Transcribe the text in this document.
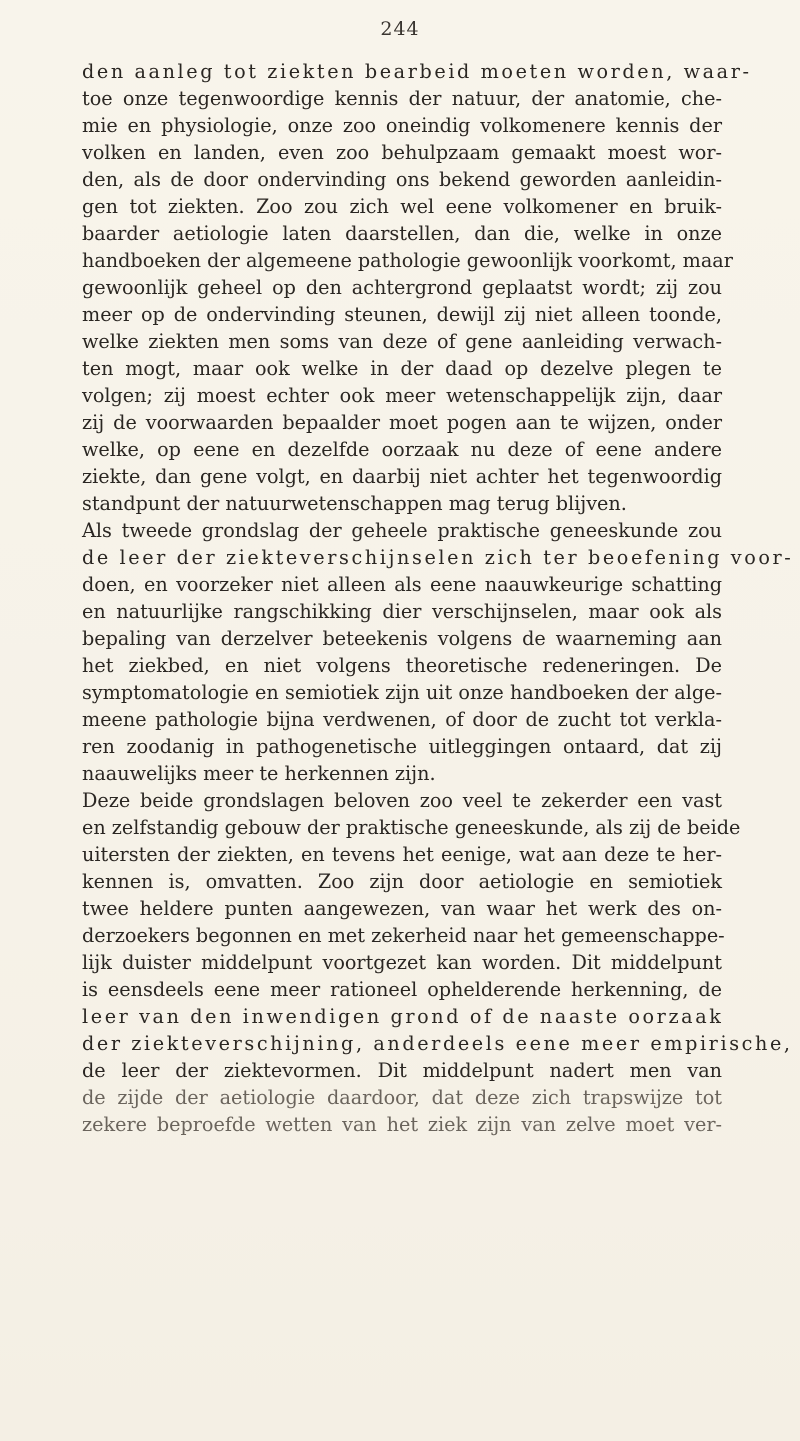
244
den aanleg tot ziekten bearbeid moeten worden, waar-
toe onze tegenwoordige kennis der natuur, der anatomie, che-
mie en physiologie, onze zoo oneindig volkomenere kennis der
volken en landen, even zoo behulpzaam gemaakt moest wor-
den, als de door ondervinding ons bekend geworden aanleidin-
gen tot ziekten. Zoo zou zich wel eene volkomener en bruik-
baarder aetiologie laten daarstellen, dan die, welke in onze
handboeken der algemeene pathologie gewoonlijk voorkomt, maar
gewoonlijk geheel op den achtergrond geplaatst wordt; zij zou
meer op de ondervinding steunen, dewijl zij niet alleen toonde,
welke ziekten men soms van deze of gene aanleiding verwach-
ten mogt, maar ook welke in der daad op dezelve plegen te
volgen; zij moest echter ook meer wetenschappelijk zijn, daar
zij de voorwaarden bepaalder moet pogen aan te wijzen, onder
welke, op eene en dezelfde oorzaak nu deze of eene andere
ziekte, dan gene volgt, en daarbij niet achter het tegenwoordig
standpunt der natuurwetenschappen mag terug blijven.
Als tweede grondslag der geheele praktische geneeskunde zou
de leer der ziekteverschijnselen zich ter beoefening voor-
doen, en voorzeker niet alleen als eene naauwkeurige schatting
en natuurlijke rangschikking dier verschijnselen, maar ook als
bepaling van derzelver beteekenis volgens de waarneming aan
het ziekbed, en niet volgens theoretische redeneringen. De
symptomatologie en semiotiek zijn uit onze handboeken der alge-
meene pathologie bijna verdwenen, of door de zucht tot verkla-
ren zoodanig in pathogenetische uitleggingen ontaard, dat zij
naauwelijks meer te herkennen zijn.
Deze beide grondslagen beloven zoo veel te zekerder een vast
en zelfstandig gebouw der praktische geneeskunde, als zij de beide
uitersten der ziekten, en tevens het eenige, wat aan deze te her-
kennen is, omvatten. Zoo zijn door aetiologie en semiotiek
twee heldere punten aangewezen, van waar het werk des on-
derzoekers begonnen en met zekerheid naar het gemeenschappe-
lijk duister middelpunt voortgezet kan worden. Dit middelpunt
is eensdeels eene meer rationeel ophelderende herkenning, de
leer van den inwendigen grond of de naaste oorzaak
der ziekteverschijning, anderdeels eene meer empirische,
de leer der ziektevormen. Dit middelpunt nadert men van
de zijde der aetiologie daardoor, dat deze zich trapswijze tot
zekere beproefde wetten van het ziek zijn van zelve moet ver-
